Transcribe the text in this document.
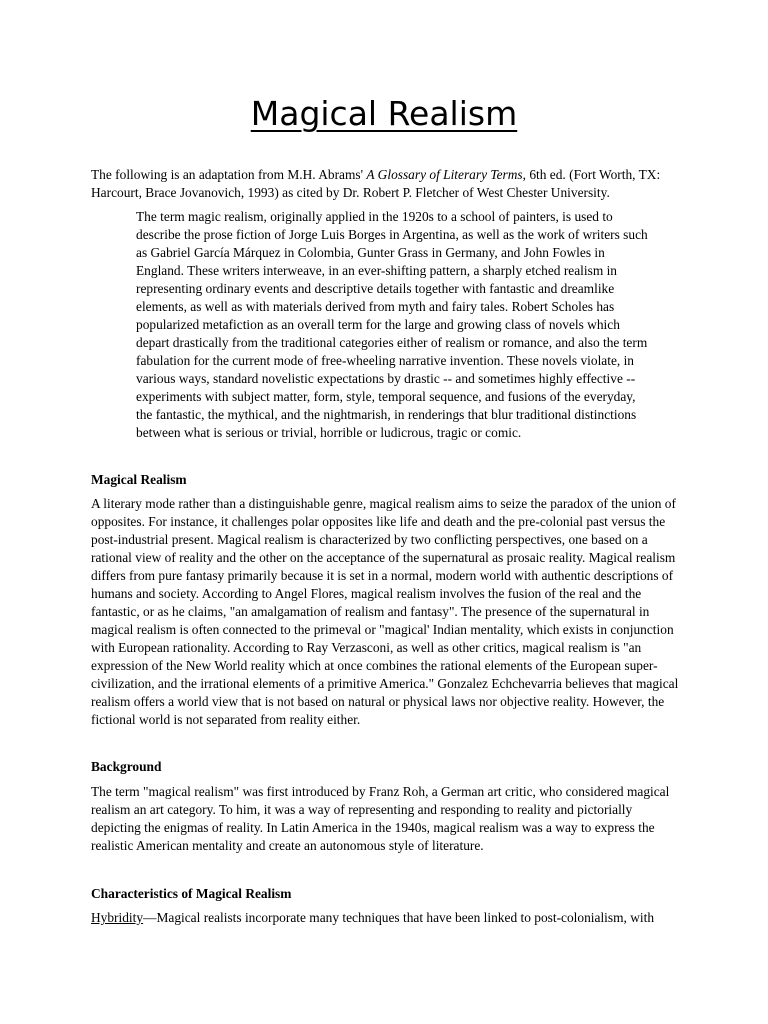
Magical Realism
The following is an adaptation from M.H. Abrams' A Glossary of Literary Terms, 6th ed. (Fort Worth, TX:
Harcourt, Brace Jovanovich, 1993) as cited by Dr. Robert P. Fletcher of West Chester University.
The term magic realism, originally applied in the 1920s to a school of painters, is used to
describe the prose fiction of Jorge Luis Borges in Argentina, as well as the work of writers such
as Gabriel García Márquez in Colombia, Gunter Grass in Germany, and John Fowles in
England. These writers interweave, in an ever-shifting pattern, a sharply etched realism in
representing ordinary events and descriptive details together with fantastic and dreamlike
elements, as well as with materials derived from myth and fairy tales. Robert Scholes has
popularized metafiction as an overall term for the large and growing class of novels which
depart drastically from the traditional categories either of realism or romance, and also the term
fabulation for the current mode of free-wheeling narrative invention. These novels violate, in
various ways, standard novelistic expectations by drastic -- and sometimes highly effective --
experiments with subject matter, form, style, temporal sequence, and fusions of the everyday,
the fantastic, the mythical, and the nightmarish, in renderings that blur traditional distinctions
between what is serious or trivial, horrible or ludicrous, tragic or comic.
Magical Realism
A literary mode rather than a distinguishable genre, magical realism aims to seize the paradox of the union of
opposites. For instance, it challenges polar opposites like life and death and the pre-colonial past versus the
post-industrial present. Magical realism is characterized by two conflicting perspectives, one based on a
rational view of reality and the other on the acceptance of the supernatural as prosaic reality. Magical realism
differs from pure fantasy primarily because it is set in a normal, modern world with authentic descriptions of
humans and society. According to Angel Flores, magical realism involves the fusion of the real and the
fantastic, or as he claims, "an amalgamation of realism and fantasy". The presence of the supernatural in
magical realism is often connected to the primeval or "magical' Indian mentality, which exists in conjunction
with European rationality. According to Ray Verzasconi, as well as other critics, magical realism is "an
expression of the New World reality which at once combines the rational elements of the European super-
civilization, and the irrational elements of a primitive America." Gonzalez Echchevarria believes that magical
realism offers a world view that is not based on natural or physical laws nor objective reality. However, the
fictional world is not separated from reality either.
Background
The term "magical realism" was first introduced by Franz Roh, a German art critic, who considered magical
realism an art category. To him, it was a way of representing and responding to reality and pictorially
depicting the enigmas of reality. In Latin America in the 1940s, magical realism was a way to express the
realistic American mentality and create an autonomous style of literature.
Characteristics of Magical Realism
Hybridity—Magical realists incorporate many techniques that have been linked to post-colonialism, with
